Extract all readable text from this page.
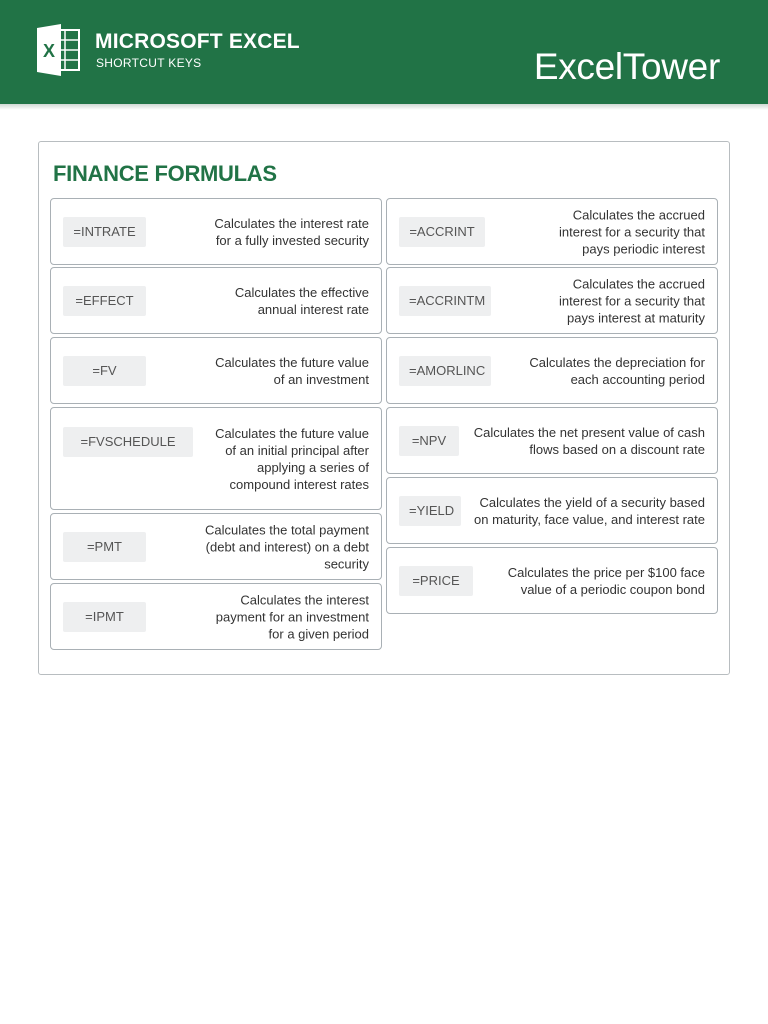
X MICROSOFT EXCEL
SHORTCUT KEYS	ExcelTower
FINANCE FORMULAS
=INTRATE
Calculates the interest rate for a fully invested security
=EFFECT
Calculates the effective annual interest rate
=FV
Calculates the future value of an investment
=FVSCHEDULE
Calculates the future value of an initial principal after applying a series of compound interest rates
=PMT
Calculates the total payment (debt and interest) on a debt security
=IPMT
Calculates the interest payment for an investment for a given period
=ACCRINT
Calculates the accrued interest for a security that pays periodic interest
=ACCRINTM
Calculates the accrued interest for a security that pays interest at maturity
=AMORLINC
Calculates the depreciation for each accounting period
=NPV
Calculates the net present value of cash flows based on a discount rate
=YIELD
Calculates the yield of a security based on maturity, face value, and interest rate
=PRICE
Calculates the price per $100 face value of a periodic coupon bond
